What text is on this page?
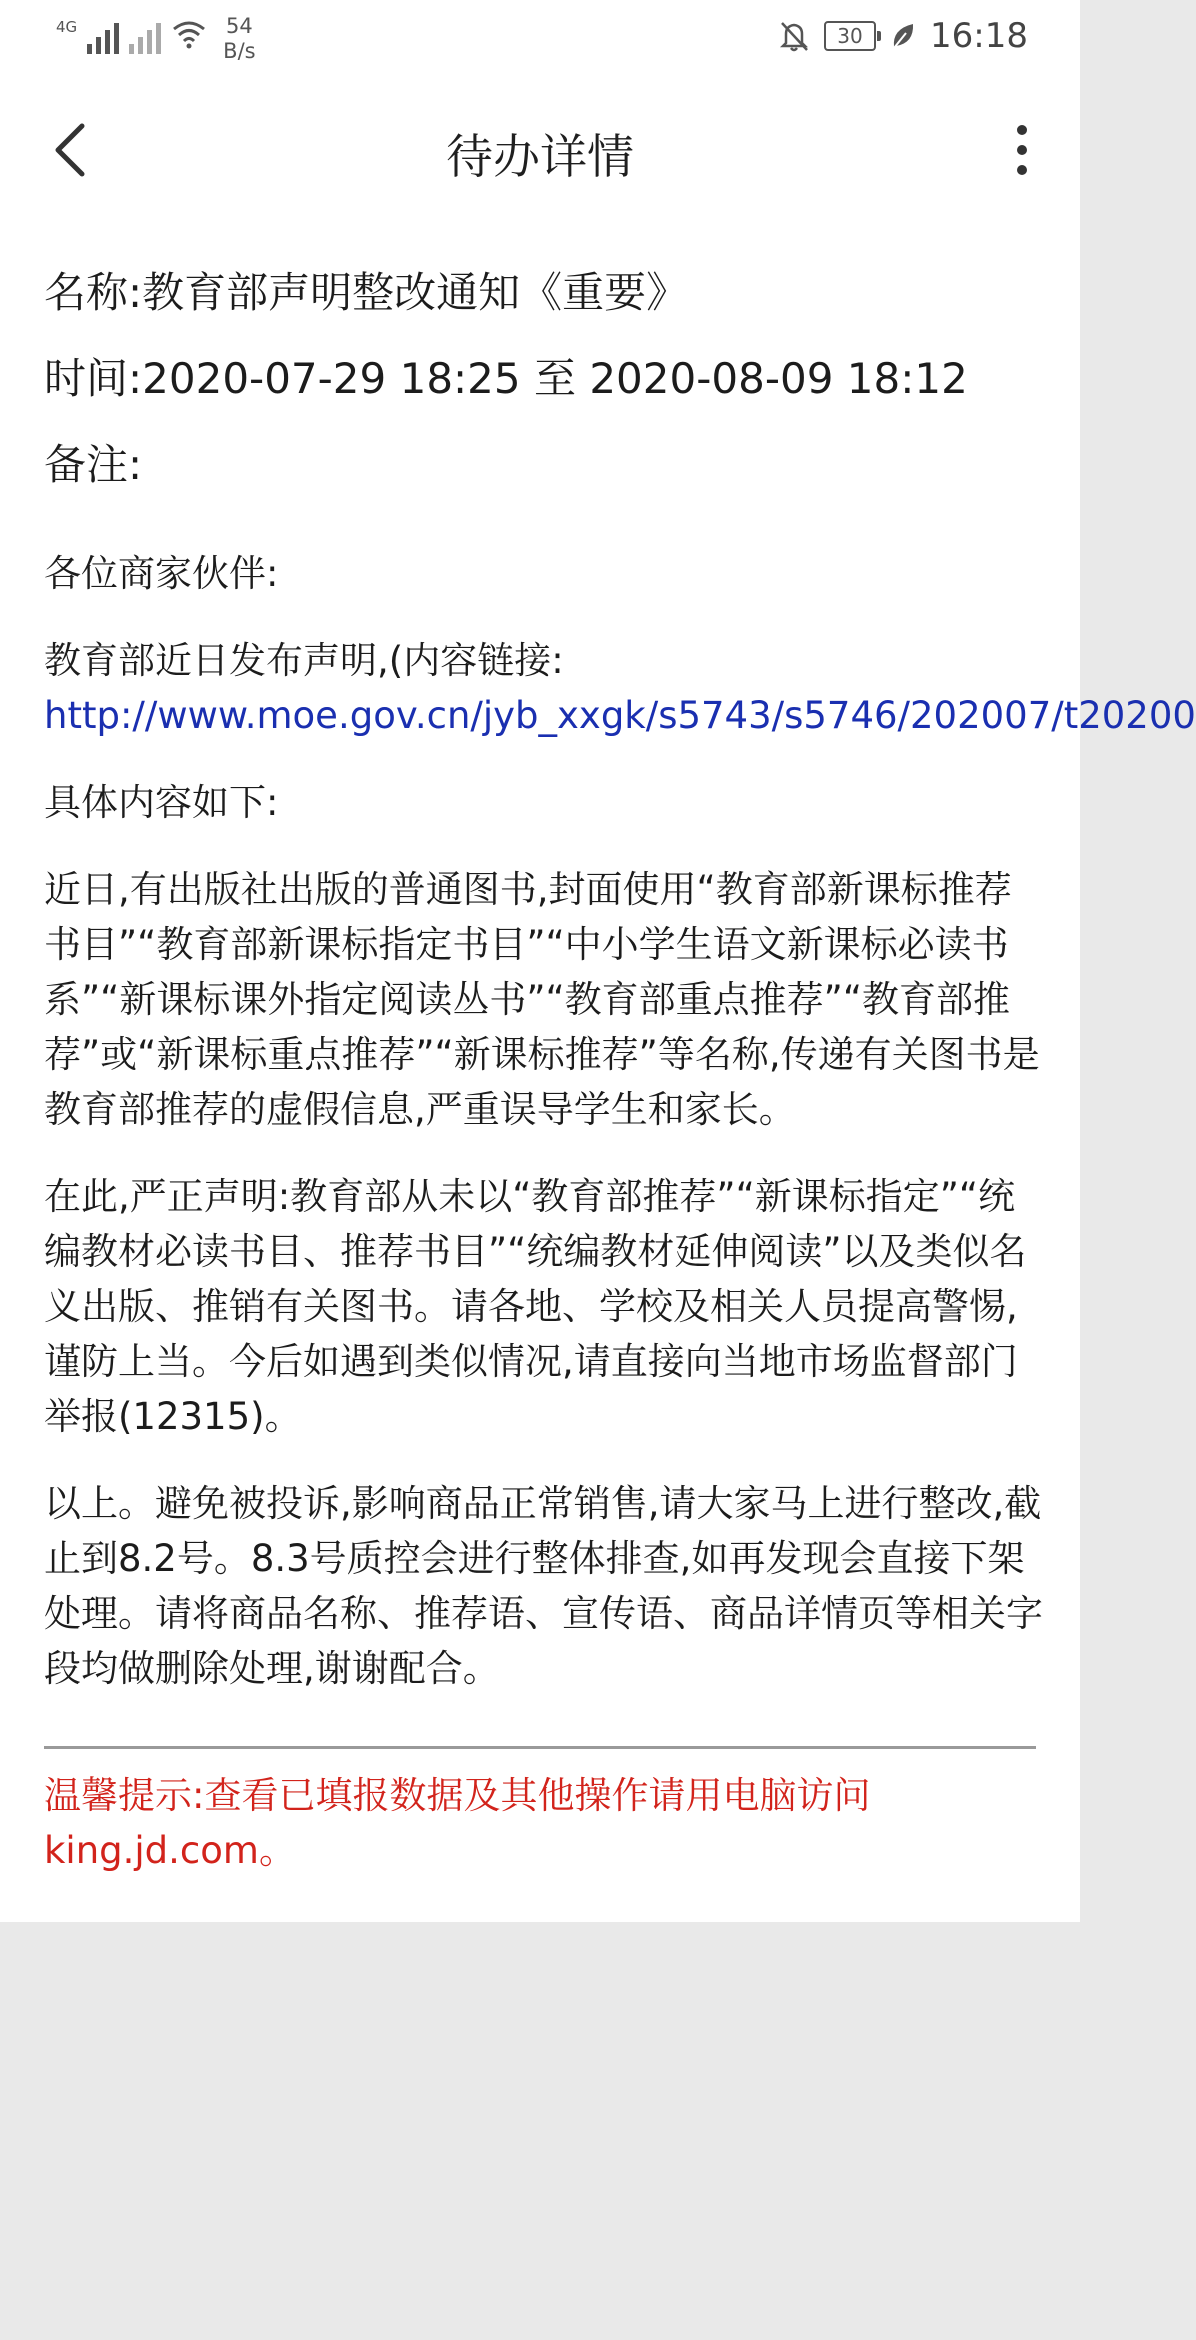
4G	54
B/s
30	16:18
待办详情
名称:教育部声明整改通知《重要》
时间:2020-07-29 18:25 至 2020-08-09 18:12
备注:

各位商家伙伴:

教育部近日发布声明,(内容链接:

http://www.moe.gov.cn/jyb_xxgk/s5743/s5746/202007/t20200

具体内容如下:

近日,有出版社出版的普通图书,封面使用“教育部新课标推荐书目”“教育部新课标指定书目”“中小学生语文新课标必读书系”“新课标课外指定阅读丛书”“教育部重点推荐”“教育部推荐”或“新课标重点推荐”“新课标推荐”等名称,传递有关图书是教育部推荐的虚假信息,严重误导学生和家长。

在此,严正声明:教育部从未以“教育部推荐”“新课标指定”“统编教材必读书目、推荐书目”“统编教材延伸阅读”以及类似名义出版、推销有关图书。请各地、学校及相关人员提高警惕,谨防上当。今后如遇到类似情况,请直接向当地市场监督部门举报(12315)。

以上。避免被投诉,影响商品正常销售,请大家马上进行整改,截止到8.2号。8.3号质控会进行整体排查,如再发现会直接下架处理。请将商品名称、推荐语、宣传语、商品详情页等相关字段均做删除处理,谢谢配合。

温馨提示:查看已填报数据及其他操作请用电脑访问king.jd.com。
